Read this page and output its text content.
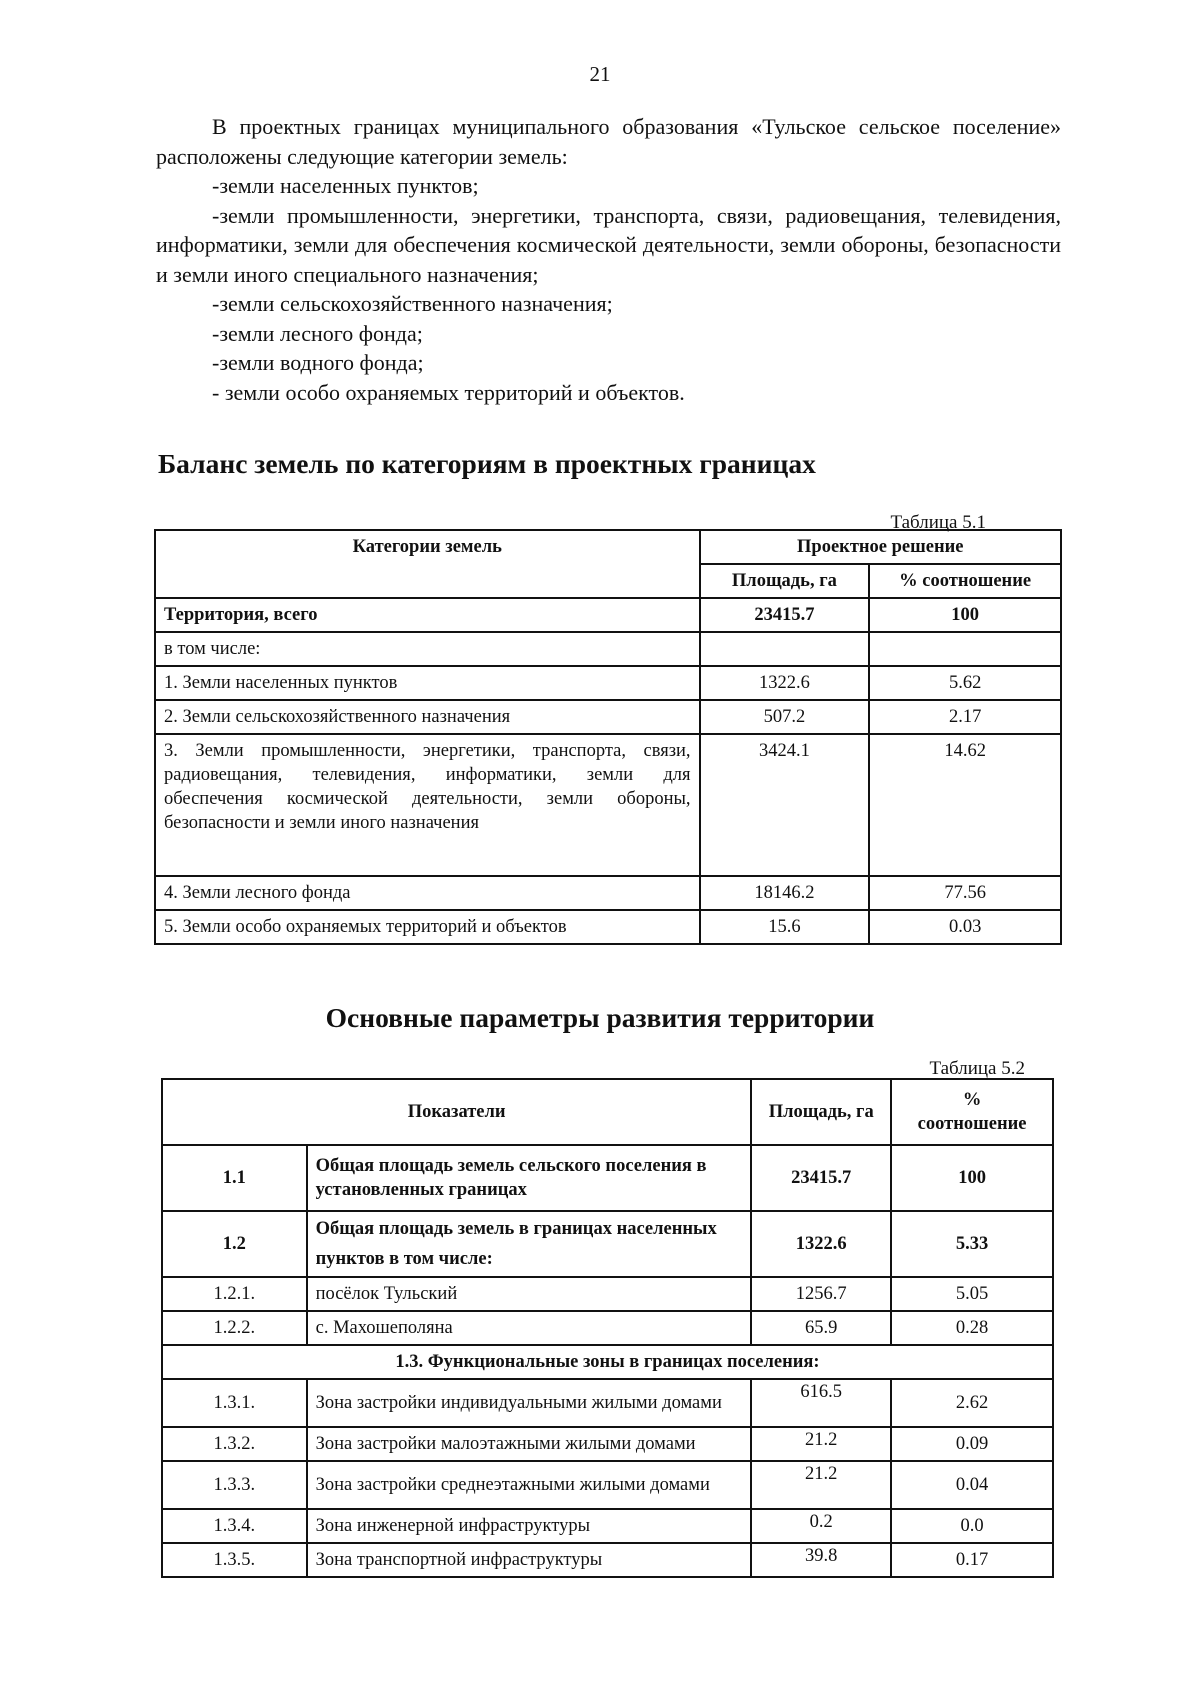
21

В проектных границах муниципального образования «Тульское сельское поселение» расположены следующие категории земель:

-земли населенных пунктов;

-земли промышленности, энергетики, транспорта, связи, радиовещания, телевидения, информатики, земли для обеспечения космической деятельности, земли обороны, безопасности и земли иного специального назначения;

-земли сельскохозяйственного назначения;

-земли лесного фонда;

-земли водного фонда;

- земли особо охраняемых территорий и объектов.

Баланс земель по категориям в проектных границах
Таблица 5.1
Категории земель	Проектное решение	
	Площадь, га	% соотношение
Территория, всего	23415.7	100
в том числе:		
1. Земли населенных пунктов	1322.6	5.62
2. Земли сельскохозяйственного назначения	507.2	2.17
3. Земли промышленности, энергетики, транспорта, связи, радиовещания, телевидения, информатики, земли для обеспечения космической деятельности, земли обороны, безопасности и земли иного назначения	3424.1	14.62
4. Земли лесного фонда	18146.2	77.56
5. Земли особо охраняемых территорий и объектов	15.6	0.03
Основные параметры развития территории
Таблица 5.2
Показатели		Площадь, га	%
соотношение

1.1	Общая площадь земель сельского поселения в установленных границах	23415.7	100
1.2	Общая площадь земель в границах населенных пунктов в том числе:	1322.6	5.33
1.2.1.	посёлок Тульский	1256.7	5.05
1.2.2.	с. Махошеполяна	65.9	0.28
1.3. Функциональные зоны в границах поселения:			
1.3.1.	Зона застройки индивидуальными жилыми домами	616.5	2.62
1.3.2.	Зона застройки малоэтажными жилыми домами	21.2	0.09
1.3.3.	Зона застройки среднеэтажными жилыми домами	21.2	0.04
1.3.4.	Зона инженерной инфраструктуры	0.2	0.0
1.3.5.	Зона транспортной инфраструктуры	39.8	0.17
